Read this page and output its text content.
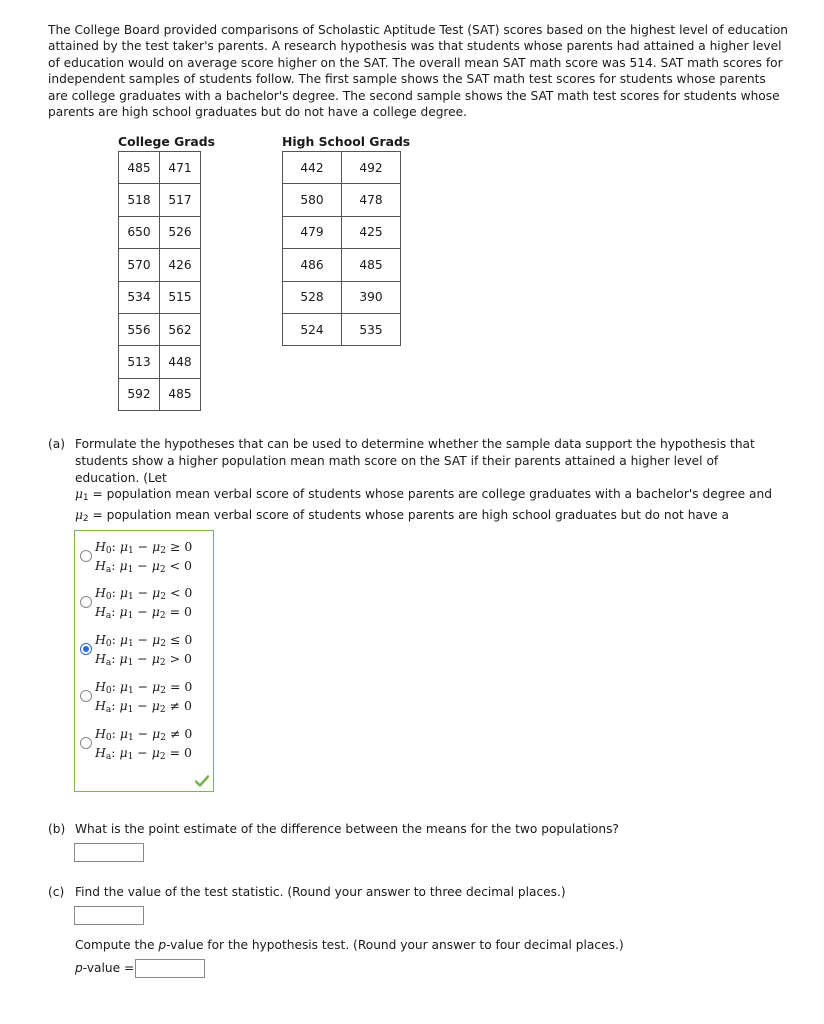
The College Board provided comparisons of Scholastic Aptitude Test (SAT) scores based on the highest level of education attained by the test taker's parents. A research hypothesis was that students whose parents had attained a higher level of education would on average score higher on the SAT. The overall mean SAT math score was 514. SAT math scores for independent samples of students follow. The first sample shows the SAT math test scores for students whose parents are college graduates with a bachelor's degree. The second sample shows the SAT math test scores for students whose parents are high school graduates but do not have a college degree.
College Grads
485	471
518	517
650	526
570	426
534	515
556	562
513	448
592	485
High School Grads
442	492
580	478
479	425
486	485
528	390
524	535
(a) Formulate the hypotheses that can be used to determine whether the sample data support the hypothesis that students show a higher population mean math score on the SAT if their parents attained a higher level of education. (Let
$\mu_1$ = population mean verbal score of students whose parents are college graduates with a bachelor's degree and
$\mu_2$ = population mean verbal score of students whose parents are high school graduates but do not have a
$H_0$: $\mu_1 - \mu_2 \ge 0$
$H_a$: $\mu_1 - \mu_2 < 0$
$H_0$: $\mu_1 - \mu_2 < 0$
$H_a$: $\mu_1 - \mu_2 = 0$
$H_0$: $\mu_1 - \mu_2 \le 0$
$H_a$: $\mu_1 - \mu_2 > 0$
$H_0$: $\mu_1 - \mu_2 = 0$
$H_a$: $\mu_1 - \mu_2 \ne 0$
$H_0$: $\mu_1 - \mu_2 \ne 0$
$H_a$: $\mu_1 - \mu_2 = 0$
(b) What is the point estimate of the difference between the means for the two populations?
(c) Find the value of the test statistic. (Round your answer to three decimal places.)
Compute the p-value for the hypothesis test. (Round your answer to four decimal places.)
p-value =
